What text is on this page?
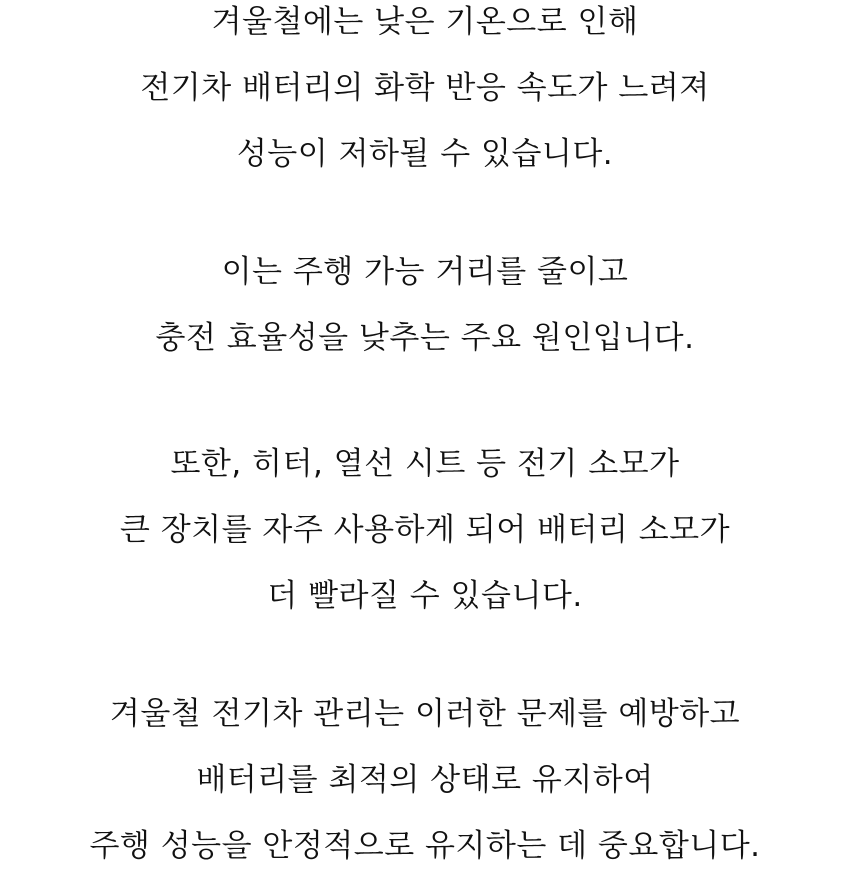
겨울철에는 낮은 기온으로 인해
전기차 배터리의 화학 반응 속도가 느려져
성능이 저하될 수 있습니다.
이는 주행 가능 거리를 줄이고
충전 효율성을 낮추는 주요 원인입니다.
또한, 히터, 열선 시트 등 전기 소모가
큰 장치를 자주 사용하게 되어 배터리 소모가
더 빨라질 수 있습니다.
겨울철 전기차 관리는 이러한 문제를 예방하고
배터리를 최적의 상태로 유지하여
주행 성능을 안정적으로 유지하는 데 중요합니다.
